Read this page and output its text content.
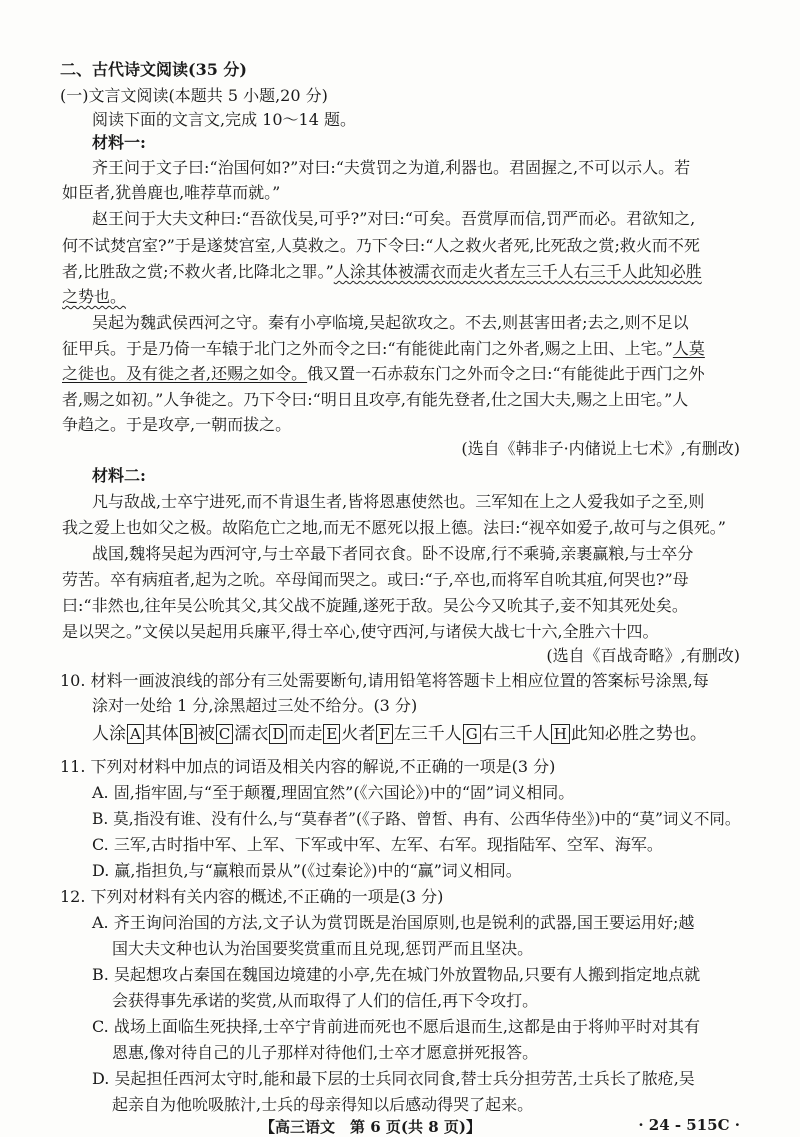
二、古代诗文阅读(35 分)
(一)文言文阅读(本题共 5 小题,20 分)
阅读下面的文言文,完成 10～14 题。
材料一:
齐王问于文子曰:“治国何如?”对曰:“夫赏罚之为道,利器也。君固握之,不可以示人。若
如臣者,犹兽鹿也,唯荐草而就。”
赵王问于大夫文种曰:“吾欲伐吴,可乎?”对曰:“可矣。吾赏厚而信,罚严而必。君欲知之,
何不试焚宫室?”于是遂焚宫室,人莫救之。乃下令曰:“人之救火者死,比死敌之赏;救火而不死
者,比胜敌之赏;不救火者,比降北之罪。”人涂其体被濡衣而走火者左三千人右三千人此知必胜
之势也。
吴起为魏武侯西河之守。秦有小亭临境,吴起欲攻之。不去,则甚害田者;去之,则不足以
征甲兵。于是乃倚一车辕于北门之外而令之曰:“有能徙此南门之外者,赐之上田、上宅。”人莫
之徙也。及有徙之者,还赐之如令。俄又置一石赤菽东门之外而令之曰:“有能徙此于西门之外
者,赐之如初。”人争徙之。乃下令曰:“明日且攻亭,有能先登者,仕之国大夫,赐之上田宅。”人
争趋之。于是攻亭,一朝而拔之。
(选自《韩非子·内储说上七术》,有删改)
材料二:
凡与敌战,士卒宁进死,而不肯退生者,皆将恩惠使然也。三军知在上之人爱我如子之至,则
我之爱上也如父之极。故陷危亡之地,而无不愿死以报上德。法曰:“视卒如爱子,故可与之俱死。”
战国,魏将吴起为西河守,与士卒最下者同衣食。卧不设席,行不乘骑,亲裹赢粮,与士卒分
劳苦。卒有病疽者,起为之吮。卒母闻而哭之。或曰:“子,卒也,而将军自吮其疽,何哭也?”母
曰:“非然也,往年吴公吮其父,其父战不旋踵,遂死于敌。吴公今又吮其子,妾不知其死处矣。
是以哭之。”文侯以吴起用兵廉平,得士卒心,使守西河,与诸侯大战七十六,全胜六十四。
(选自《百战奇略》,有删改)
10. 材料一画波浪线的部分有三处需要断句,请用铅笔将答题卡上相应位置的答案标号涂黑,每
涂对一处给 1 分,涂黑超过三处不给分。(3 分)
人涂 A 其体 B 被 C 濡衣 D 而走 E 火者 F 左三千人 G 右三千人 H 此知必胜之势也。
11. 下列对材料中加点的词语及相关内容的解说,不正确的一项是(3 分)
A. 固,指牢固,与“至于颠覆,理固宜然”(《六国论》)中的“固”词义相同。
B. 莫,指没有谁、没有什么,与“莫春者”(《子路、曾皙、冉有、公西华侍坐》)中的“莫”词义不同。
C. 三军,古时指中军、上军、下军或中军、左军、右军。现指陆军、空军、海军。
D. 赢,指担负,与“赢粮而景从”(《过秦论》)中的“赢”词义相同。
12. 下列对材料有关内容的概述,不正确的一项是(3 分)
A. 齐王询问治国的方法,文子认为赏罚既是治国原则,也是锐利的武器,国王要运用好;越
国大夫文种也认为治国要奖赏重而且兑现,惩罚严而且坚决。
B. 吴起想攻占秦国在魏国边境建的小亭,先在城门外放置物品,只要有人搬到指定地点就
会获得事先承诺的奖赏,从而取得了人们的信任,再下令攻打。
C. 战场上面临生死抉择,士卒宁肯前进而死也不愿后退而生,这都是由于将帅平时对其有
恩惠,像对待自己的儿子那样对待他们,士卒才愿意拼死报答。
D. 吴起担任西河太守时,能和最下层的士兵同衣同食,替士兵分担劳苦,士兵长了脓疮,吴
起亲自为他吮吸脓汁,士兵的母亲得知以后感动得哭了起来。
【高三语文　第 6 页(共 8 页)】	· 24 - 515C ·
